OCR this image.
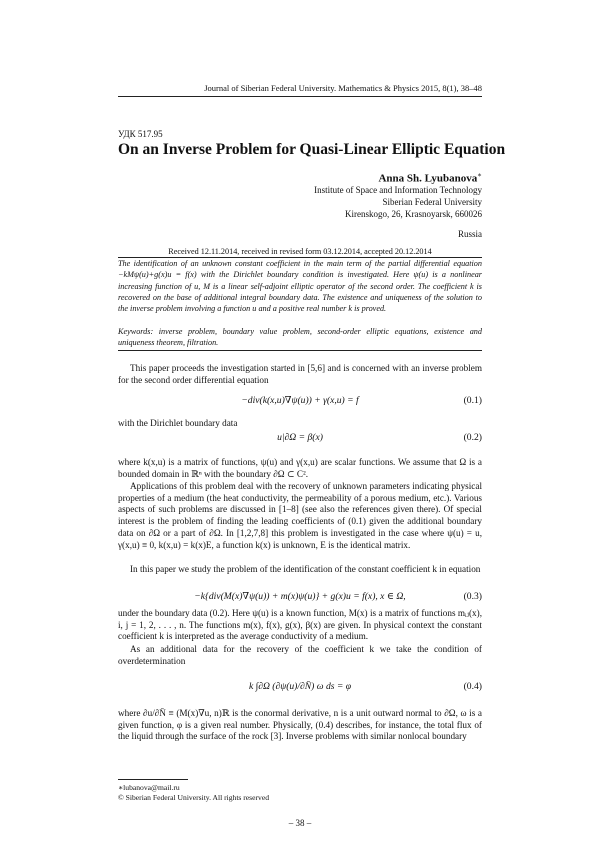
Journal of Siberian Federal University. Mathematics & Physics 2015, 8(1), 38–48
УДК 517.95
On an Inverse Problem for Quasi-Linear Elliptic Equation
Anna Sh. Lyubanova∗
Institute of Space and Information Technology
Siberian Federal University
Kirenskogo, 26, Krasnoyarsk, 660026
Russia
Received 12.11.2014, received in revised form 03.12.2014, accepted 20.12.2014
The identification of an unknown constant coefficient in the main term of the partial differential equation −kMψ(u)+g(x)u = f(x) with the Dirichlet boundary condition is investigated. Here ψ(u) is a nonlinear increasing function of u, M is a linear self-adjoint elliptic operator of the second order. The coefficient k is recovered on the base of additional integral boundary data. The existence and uniqueness of the solution to the inverse problem involving a function u and a positive real number k is proved.
Keywords: inverse problem, boundary value problem, second-order elliptic equations, existence and uniqueness theorem, filtration.
This paper proceeds the investigation started in [5,6] and is concerned with an inverse problem for the second order differential equation
−div(k(x,u)∇ψ(u)) + γ(x,u) = f	(0.1)
with the Dirichlet boundary data
u|∂Ω = β(x)	(0.2)
where k(x,u) is a matrix of functions, ψ(u) and γ(x,u) are scalar functions. We assume that Ω is a bounded domain in ℝⁿ with the boundary ∂Ω ⊂ C².
Applications of this problem deal with the recovery of unknown parameters indicating physical properties of a medium (the heat conductivity, the permeability of a porous medium, etc.). Various aspects of such problems are discussed in [1–8] (see also the references given there). Of special interest is the problem of finding the leading coefficients of (0.1) given the additional boundary data on ∂Ω or a part of ∂Ω. In [1,2,7,8] this problem is investigated in the case where ψ(u) = u, γ(x,u) ≡ 0, k(x,u) = k(x)E, a function k(x) is unknown, E is the identical matrix.
In this paper we study the problem of the identification of the constant coefficient k in equation
−k{div(M(x)∇ψ(u)) + m(x)ψ(u)} + g(x)u = f(x), x ∈ Ω,	(0.3)
under the boundary data (0.2). Here ψ(u) is a known function, M(x) is a matrix of functions mᵢⱼ(x), i, j = 1, 2, . . . , n. The functions m(x), f(x), g(x), β(x) are given. In physical context the constant coefficient k is interpreted as the average conductivity of a medium.
As an additional data for the recovery of the coefficient k we take the condition of overdetermination
k ∫∂Ω (∂ψ(u)/∂N̄) ω ds = φ	(0.4)
where ∂u/∂N̄ ≡ (M(x)∇u, n)ℝ is the conormal derivative, n is a unit outward normal to ∂Ω, ω is a given function, φ is a given real number. Physically, (0.4) describes, for instance, the total flux of the liquid through the surface of the rock [3]. Inverse problems with similar nonlocal boundary
∗lubanova@mail.ru
© Siberian Federal University. All rights reserved
– 38 –
